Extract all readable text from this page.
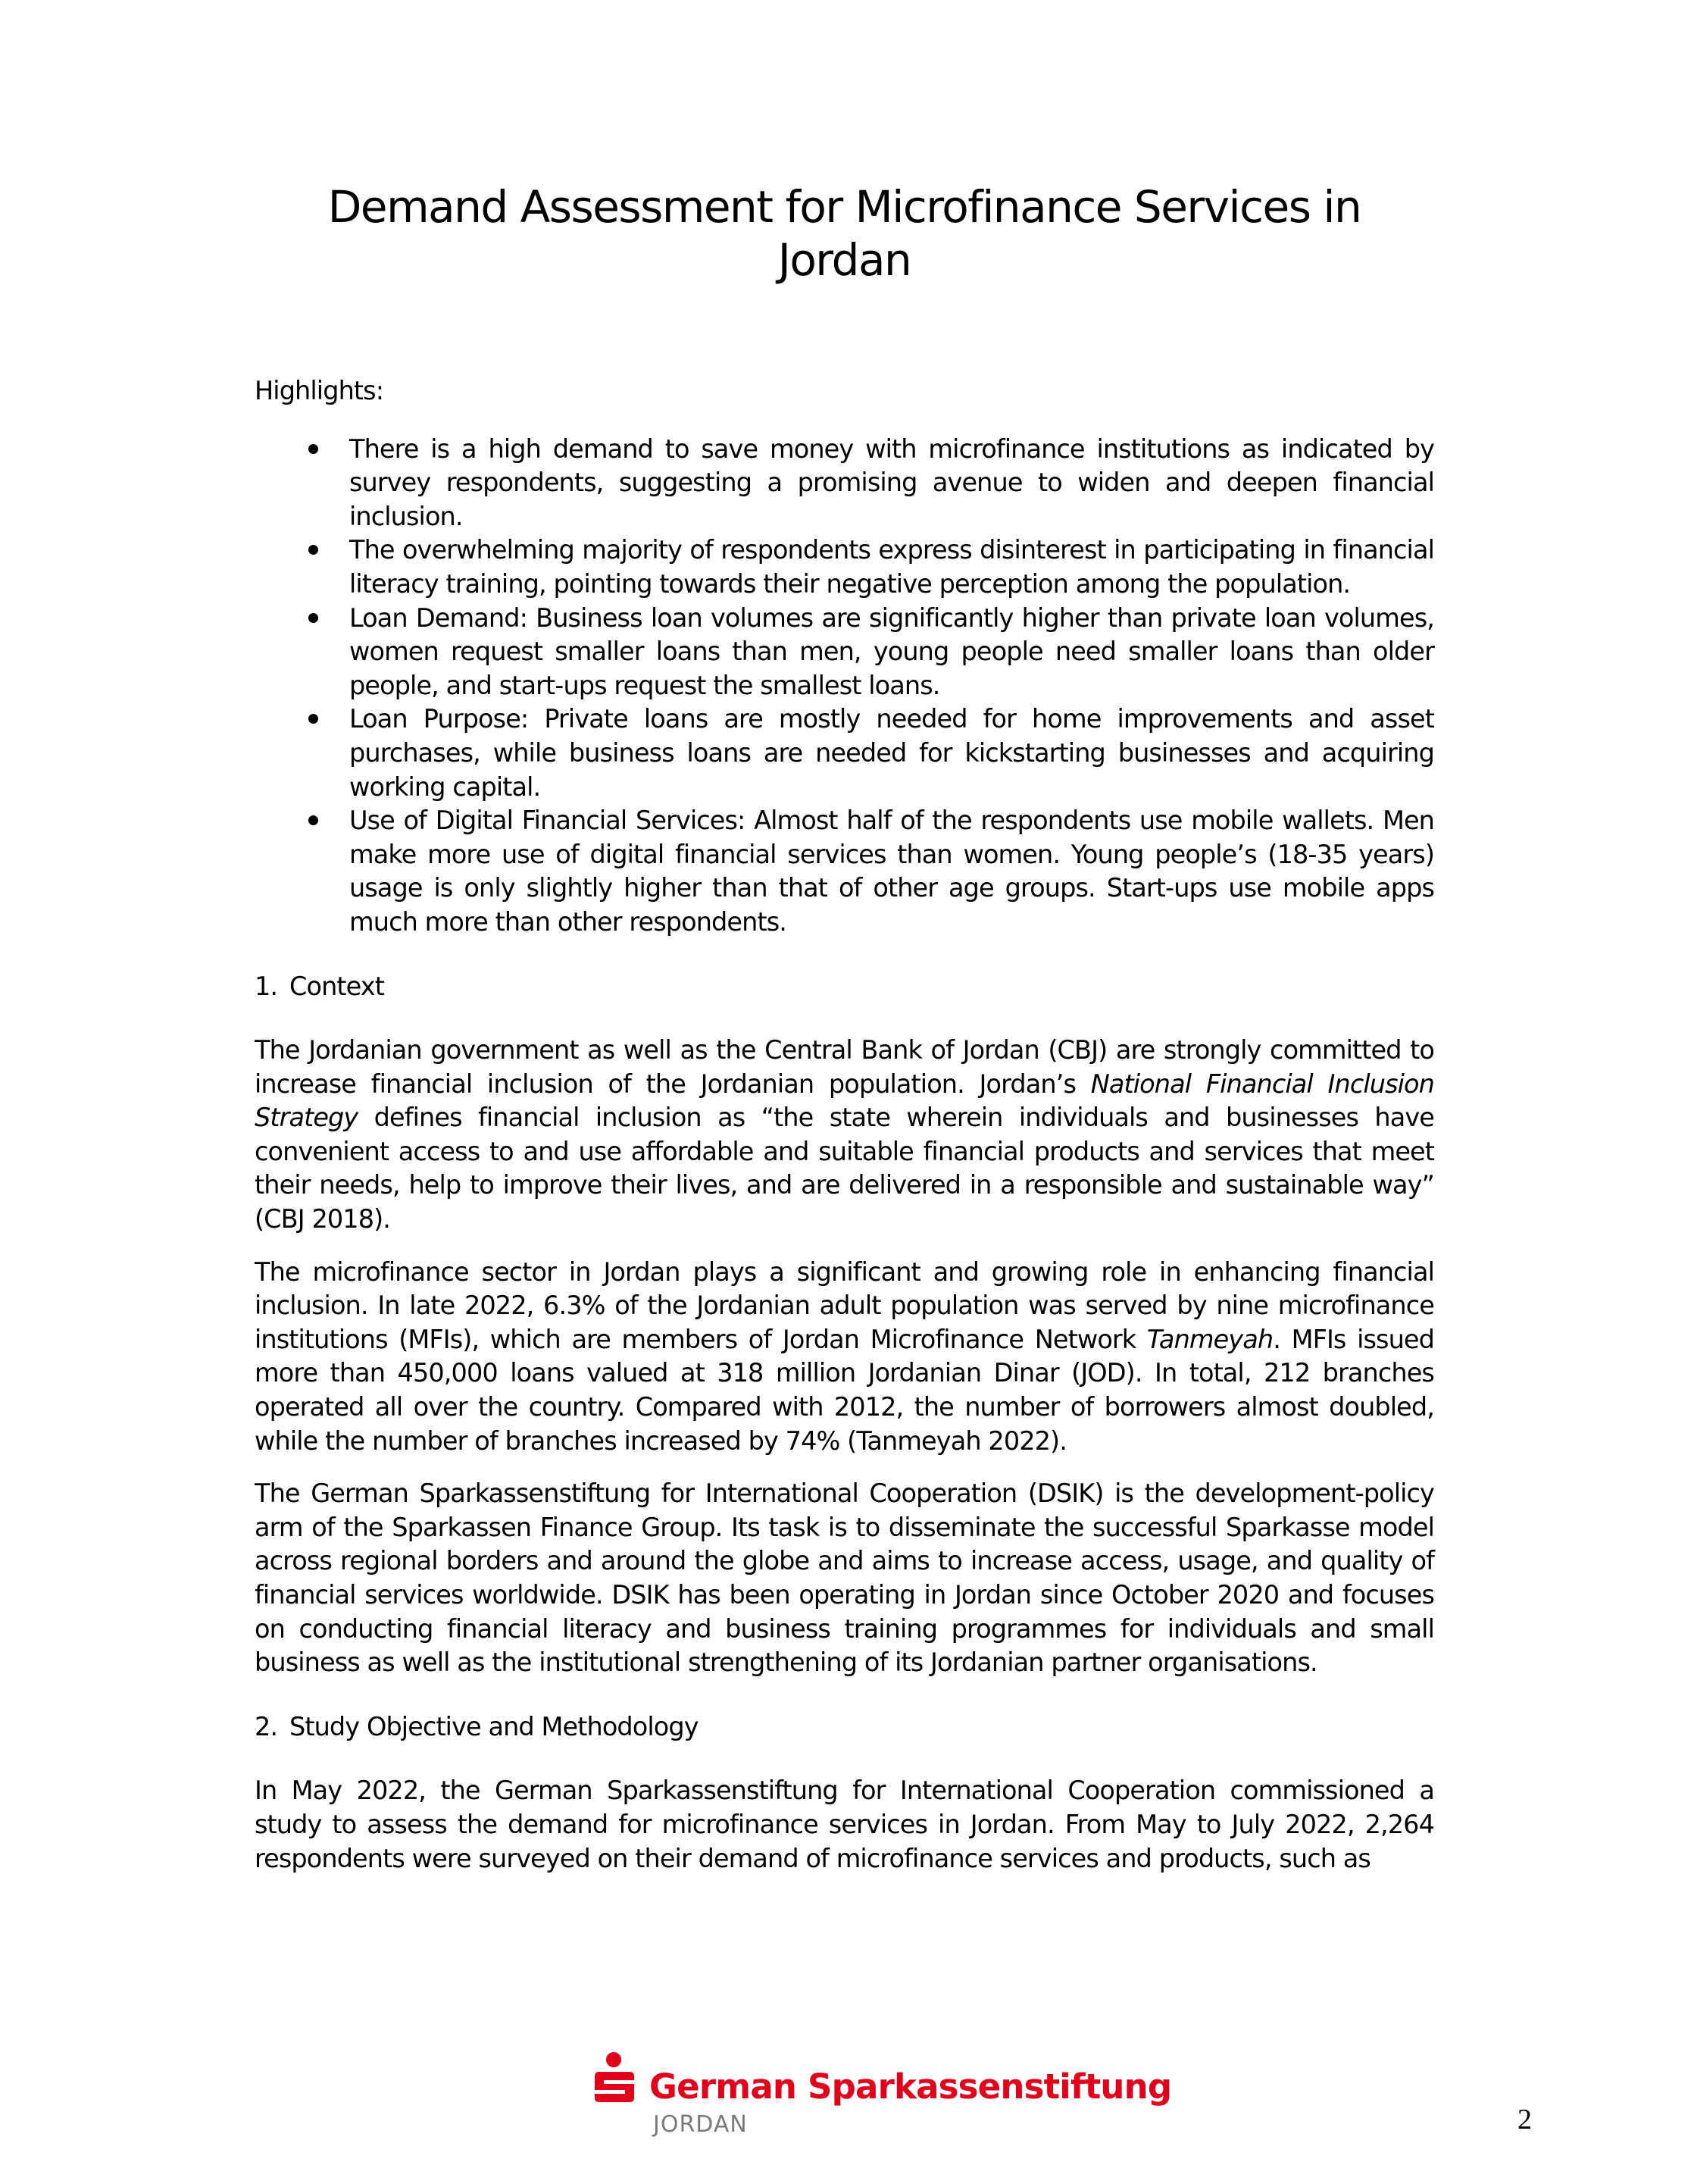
Demand Assessment for Microfinance Services in
Jordan
Highlights:
There is a high demand to save money with microfinance institutions as indicated by survey respondents, suggesting a promising avenue to widen and deepen financial inclusion.
The overwhelming majority of respondents express disinterest in participating in financial literacy training, pointing towards their negative perception among the population.
Loan Demand: Business loan volumes are significantly higher than private loan volumes, women request smaller loans than men, young people need smaller loans than older people, and start-ups request the smallest loans.
Loan Purpose: Private loans are mostly needed for home improvements and asset purchases, while business loans are needed for kickstarting businesses and acquiring working capital.
Use of Digital Financial Services: Almost half of the respondents use mobile wallets. Men make more use of digital financial services than women. Young people’s (18-35 years) usage is only slightly higher than that of other age groups. Start-ups use mobile apps much more than other respondents.
1. Context

The Jordanian government as well as the Central Bank of Jordan (CBJ) are strongly committed to increase financial inclusion of the Jordanian population. Jordan’s National Financial Inclusion Strategy defines financial inclusion as “the state wherein individuals and businesses have convenient access to and use affordable and suitable financial products and services that meet their needs, help to improve their lives, and are delivered in a responsible and sustainable way” (CBJ 2018).

The microfinance sector in Jordan plays a significant and growing role in enhancing financial inclusion. In late 2022, 6.3% of the Jordanian adult population was served by nine microfinance institutions (MFIs), which are members of Jordan Microfinance Network Tanmeyah. MFIs issued more than 450,000 loans valued at 318 million Jordanian Dinar (JOD). In total, 212 branches operated all over the country. Compared with 2012, the number of borrowers almost doubled, while the number of branches increased by 74% (Tanmeyah 2022).

The German Sparkassenstiftung for International Cooperation (DSIK) is the development-policy arm of the Sparkassen Finance Group. Its task is to disseminate the successful Sparkasse model across regional borders and around the globe and aims to increase access, usage, and quality of financial services worldwide. DSIK has been operating in Jordan since October 2020 and focuses on conducting financial literacy and business training programmes for individuals and small business as well as the institutional strengthening of its Jordanian partner organisations.

2. Study Objective and Methodology

In May 2022, the German Sparkassenstiftung for International Cooperation commissioned a study to assess the demand for microfinance services in Jordan. From May to July 2022, 2,264 respondents were surveyed on their demand of microfinance services and products, such as

German Sparkassenstiftung
JORDAN	2
